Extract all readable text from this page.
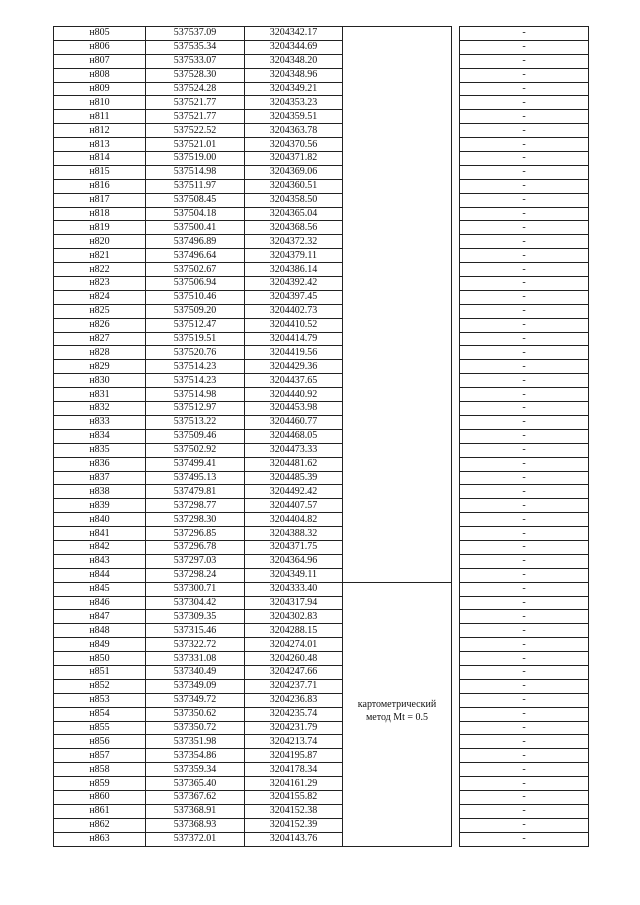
н805	537537.09	3204342.17			-
н806	537535.34	3204344.69			-
н807	537533.07	3204348.20			-
н808	537528.30	3204348.96			-
н809	537524.28	3204349.21			-
н810	537521.77	3204353.23			-
н811	537521.77	3204359.51			-
н812	537522.52	3204363.78			-
н813	537521.01	3204370.56			-
н814	537519.00	3204371.82			-
н815	537514.98	3204369.06			-
н816	537511.97	3204360.51			-
н817	537508.45	3204358.50			-
н818	537504.18	3204365.04			-
н819	537500.41	3204368.56			-
н820	537496.89	3204372.32			-
н821	537496.64	3204379.11			-
н822	537502.67	3204386.14			-
н823	537506.94	3204392.42			-
н824	537510.46	3204397.45			-
н825	537509.20	3204402.73			-
н826	537512.47	3204410.52			-
н827	537519.51	3204414.79			-
н828	537520.76	3204419.56			-
н829	537514.23	3204429.36			-
н830	537514.23	3204437.65			-
н831	537514.98	3204440.92			-
н832	537512.97	3204453.98			-
н833	537513.22	3204460.77			-
н834	537509.46	3204468.05			-
н835	537502.92	3204473.33			-
н836	537499.41	3204481.62			-
н837	537495.13	3204485.39			-
н838	537479.81	3204492.42			-
н839	537298.77	3204407.57			-
н840	537298.30	3204404.82			-
н841	537296.85	3204388.32			-
н842	537296.78	3204371.75			-
н843	537297.03	3204364.96			-
н844	537298.24	3204349.11			-
н845	537300.71	3204333.40			-
н846	537304.42	3204317.94			-
н847	537309.35	3204302.83			-
н848	537315.46	3204288.15			-
н849	537322.72	3204274.01			-
н850	537331.08	3204260.48			-
н851	537340.49	3204247.66			-
н852	537349.09	3204237.71			-
н853	537349.72	3204236.83			-
н854	537350.62	3204235.74	картометрический метод Mt = 0.5		-
н855	537350.72	3204231.79			-
н856	537351.98	3204213.74			-
н857	537354.86	3204195.87			-
н858	537359.34	3204178.34			-
н859	537365.40	3204161.29			-
н860	537367.62	3204155.82			-
н861	537368.91	3204152.38			-
н862	537368.93	3204152.39			-
н863	537372.01	3204143.76			-
